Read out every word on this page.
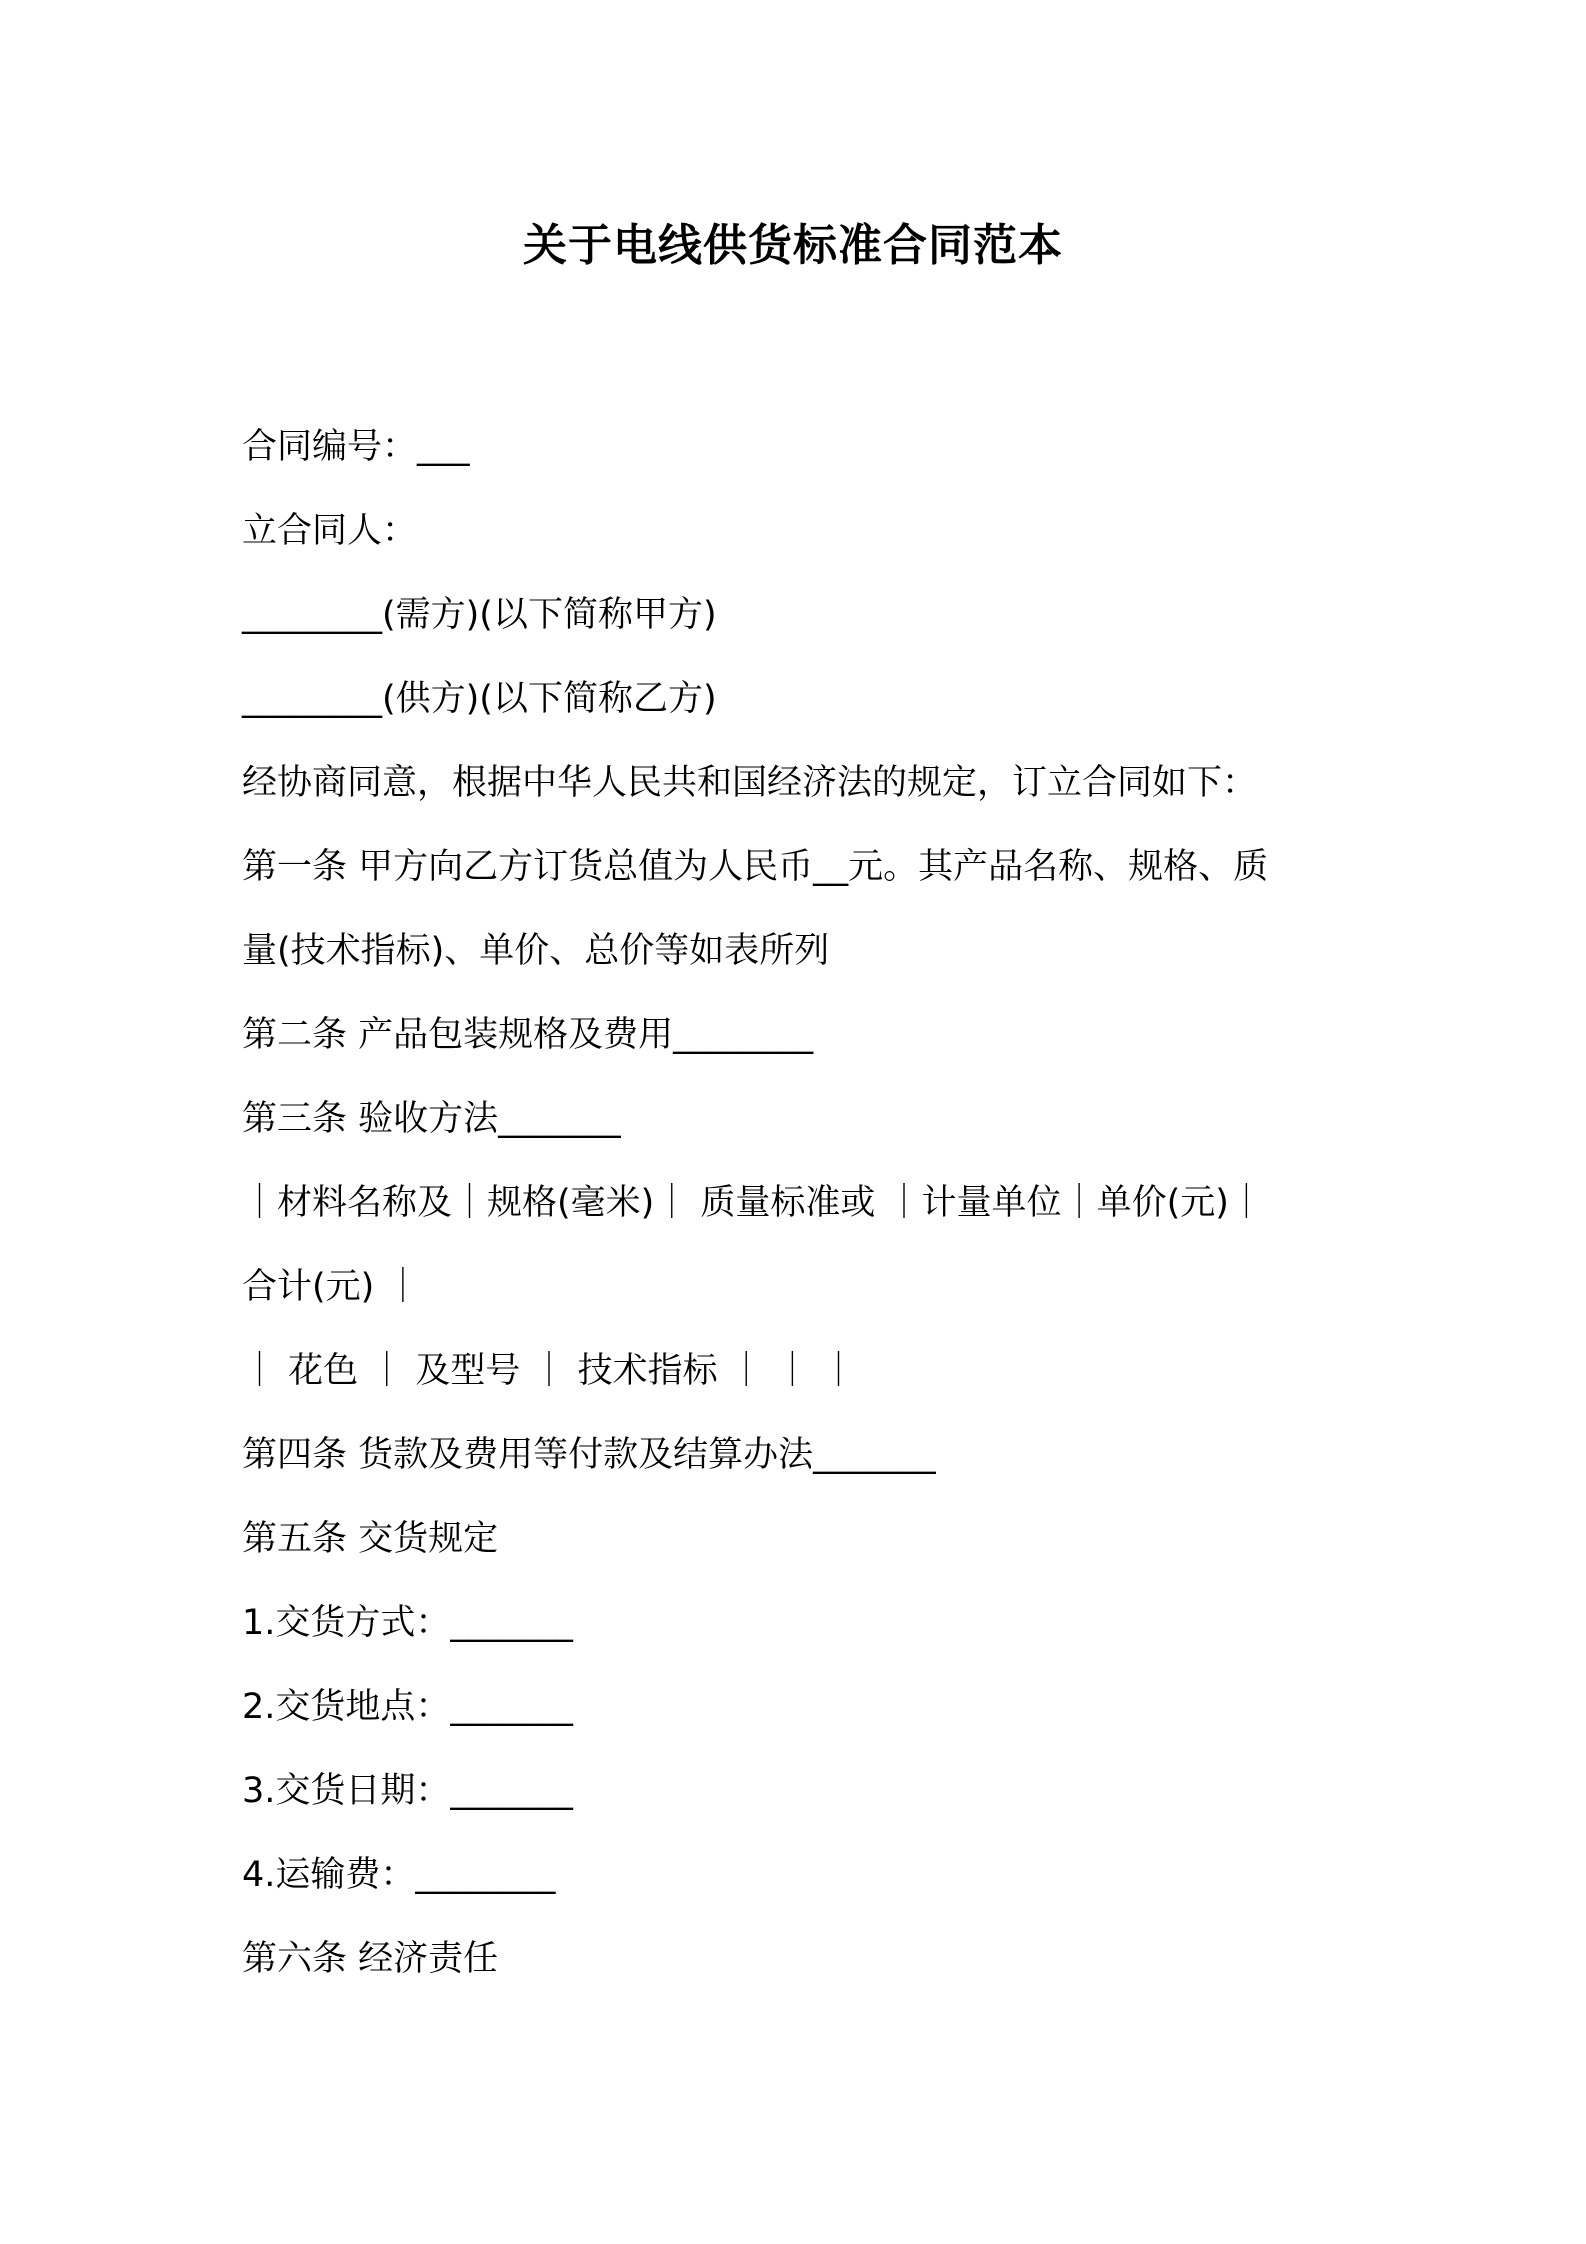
关于电线供货标准合同范本
合同编号：___
立合同人：
________(需方)(以下简称甲方)
________(供方)(以下简称乙方)
经协商同意，根据中华人民共和国经济法的规定，订立合同如下：
第一条 甲方向乙方订货总值为人民币__元。其产品名称、规格、质
量(技术指标)、单价、总价等如表所列
第二条 产品包装规格及费用________
第三条 验收方法_______
｜材料名称及｜规格(毫米)｜ 质量标准或 ｜计量单位｜单价(元)｜
合计(元) ｜
｜ 花色 ｜ 及型号 ｜ 技术指标 ｜ ｜ ｜
第四条 货款及费用等付款及结算办法_______
第五条 交货规定
1.交货方式：_______
2.交货地点：_______
3.交货日期：_______
4.运输费：________
第六条 经济责任
